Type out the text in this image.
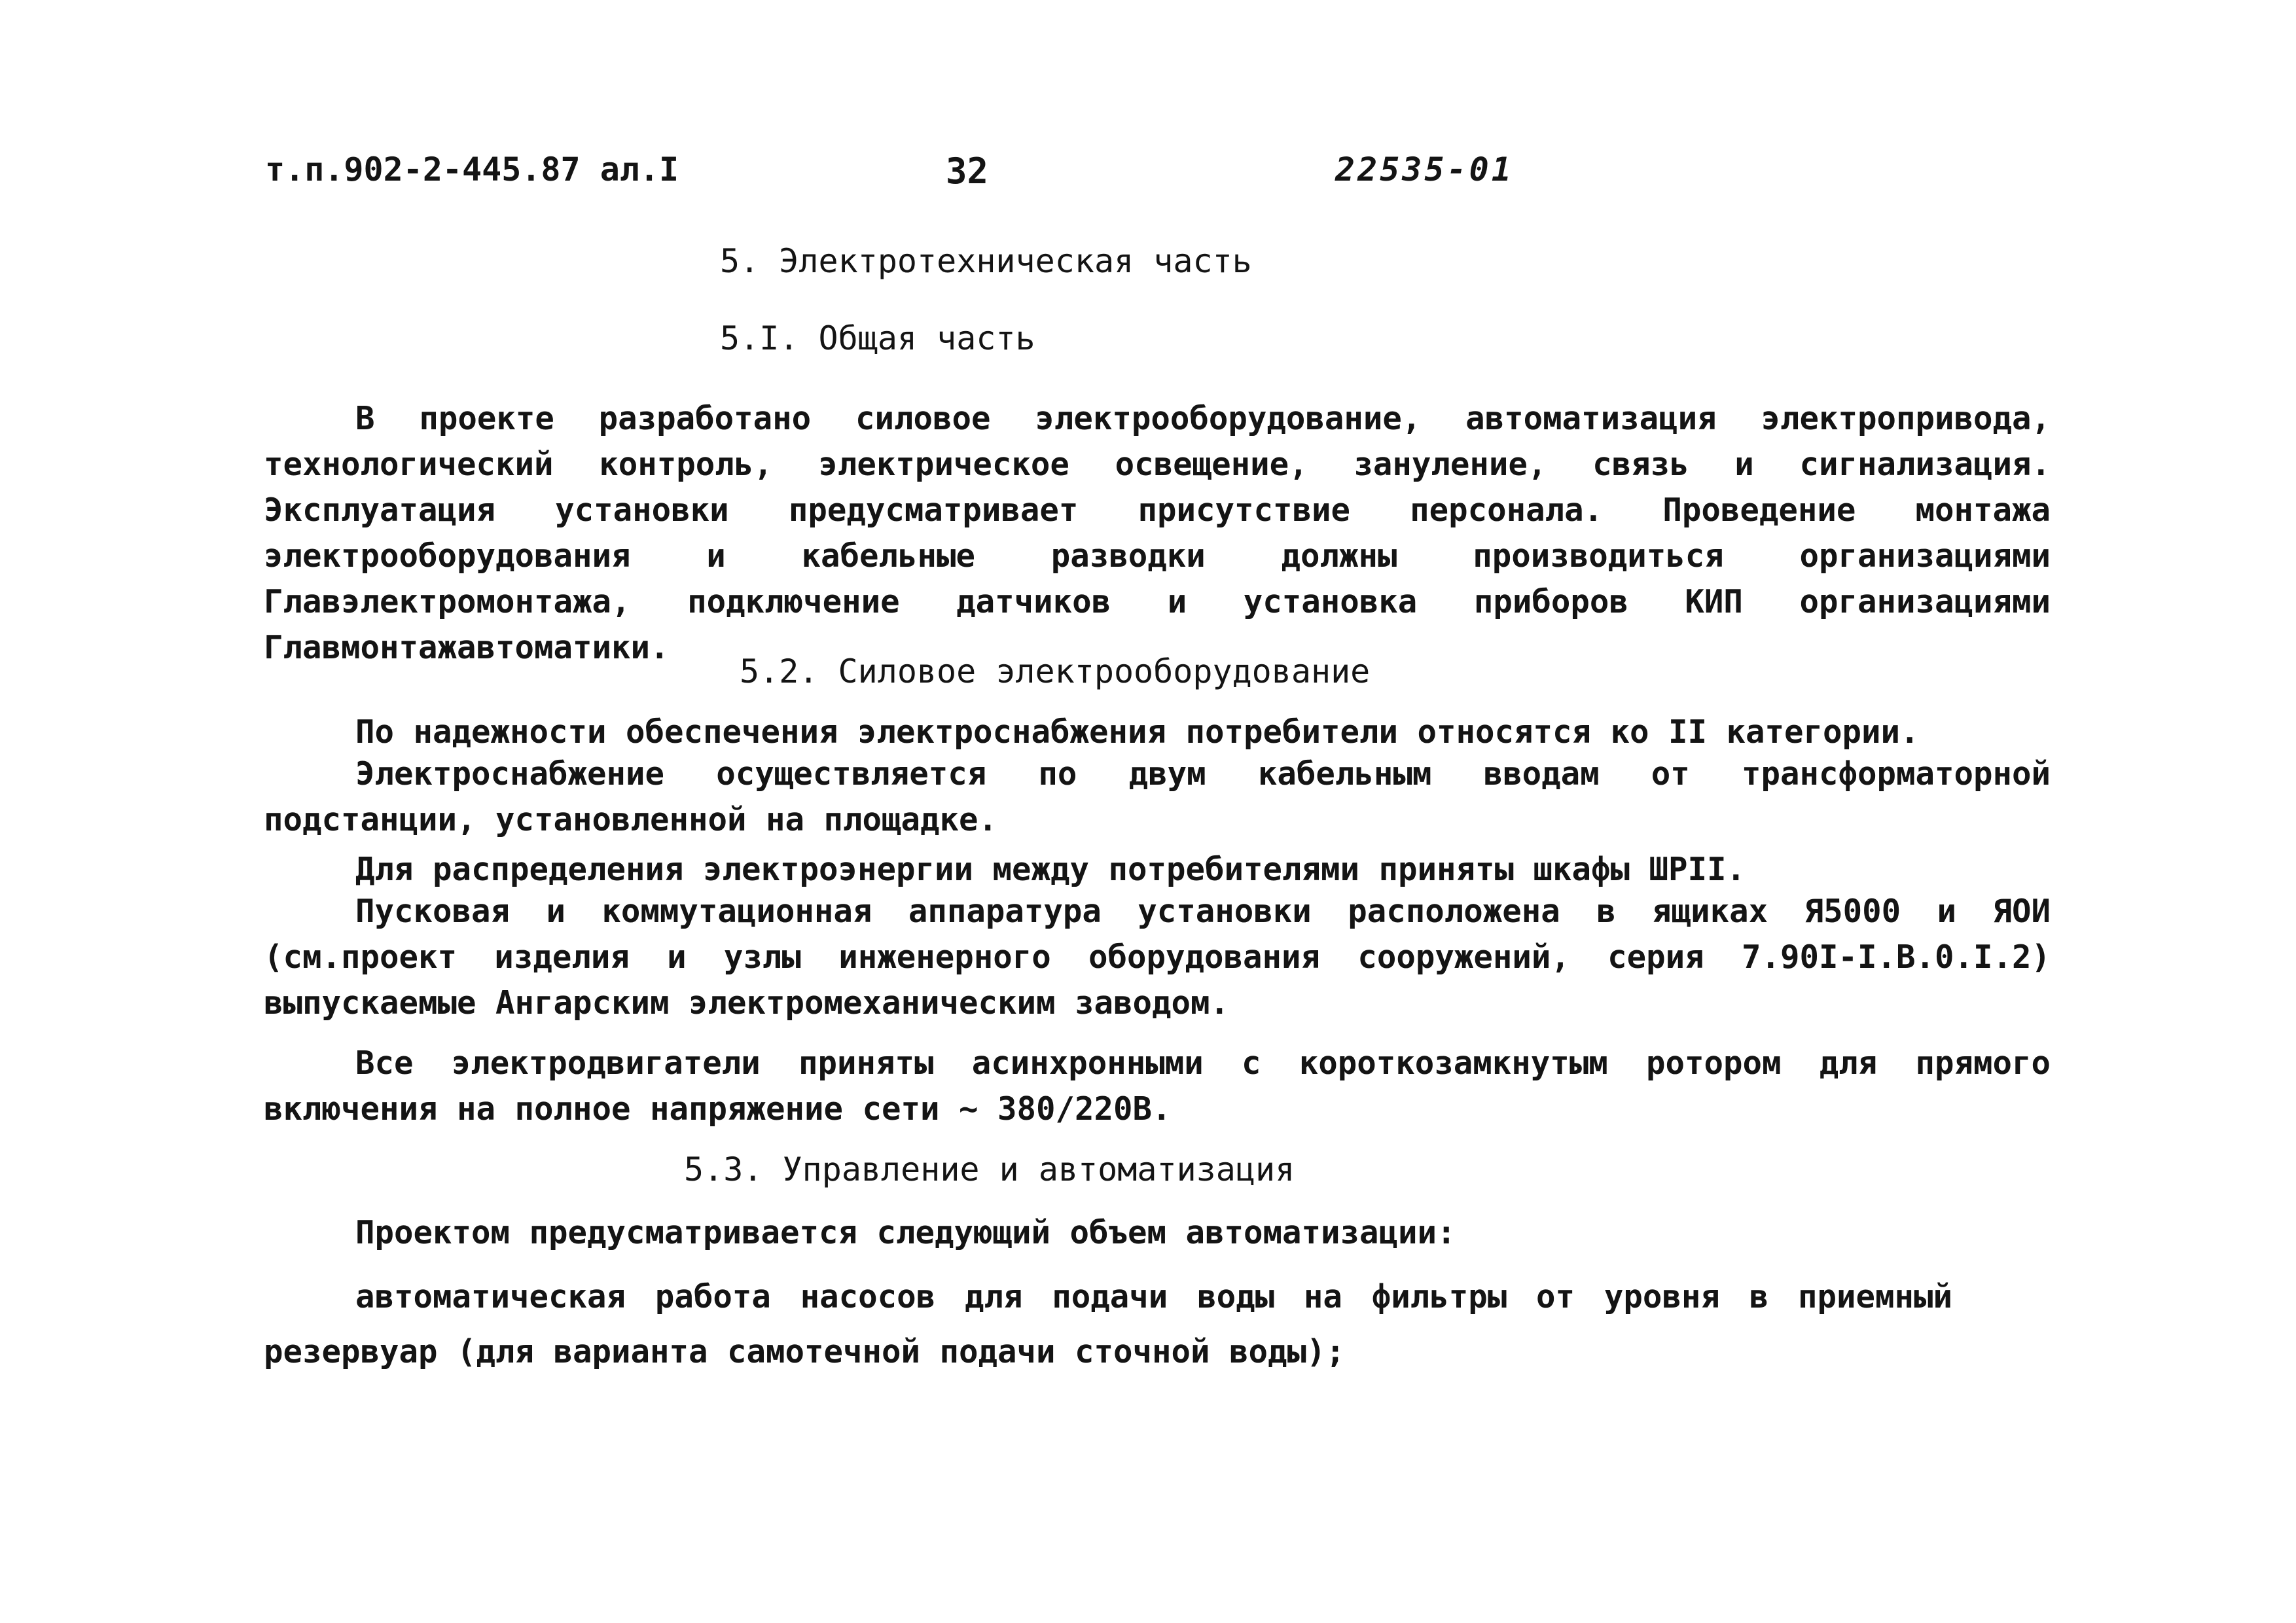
т.п.902-2-445.87 ал.I	32	22535-01
5. Электротехническая часть
5.I. Общая часть

В проекте разработано силовое электрооборудование, автоматизация электропривода, технологический контроль, электрическое освещение, зануление, связь и сигнализация. Эксплуатация установки предусматривает присутствие персонала. Проведение монтажа электрооборудования и кабельные разводки должны производиться организациями Главэлектромонтажа, подключение датчиков и установка приборов КИП организациями Главмонтажавтоматики.

5.2. Силовое электрооборудование
По надежности обеспечения электроснабжения потребители относятся ко II категории.

Электроснабжение осуществляется по двум кабельным вводам от трансформаторной подстанции, установленной на площадке.

Для распределения электроэнергии между потребителями приняты шкафы ШРII.

Пусковая и коммутационная аппаратура установки расположена в ящиках Я5000 и ЯОИ (см.проект изделия и узлы инженерного оборудования сооружений, серия 7.90I-I.В.0.I.2) выпускаемые Ангарским электромеханическим заводом.

Все электродвигатели приняты асинхронными с короткозамкнутым ротором для прямого включения на полное напряжение сети ~ 380/220В.

5.3. Управление и автоматизация
Проектом предусматривается следующий объем автоматизации:

автоматическая работа насосов для подачи воды на фильтры от уровня в приемный резервуар (для варианта самотечной подачи сточной воды);
